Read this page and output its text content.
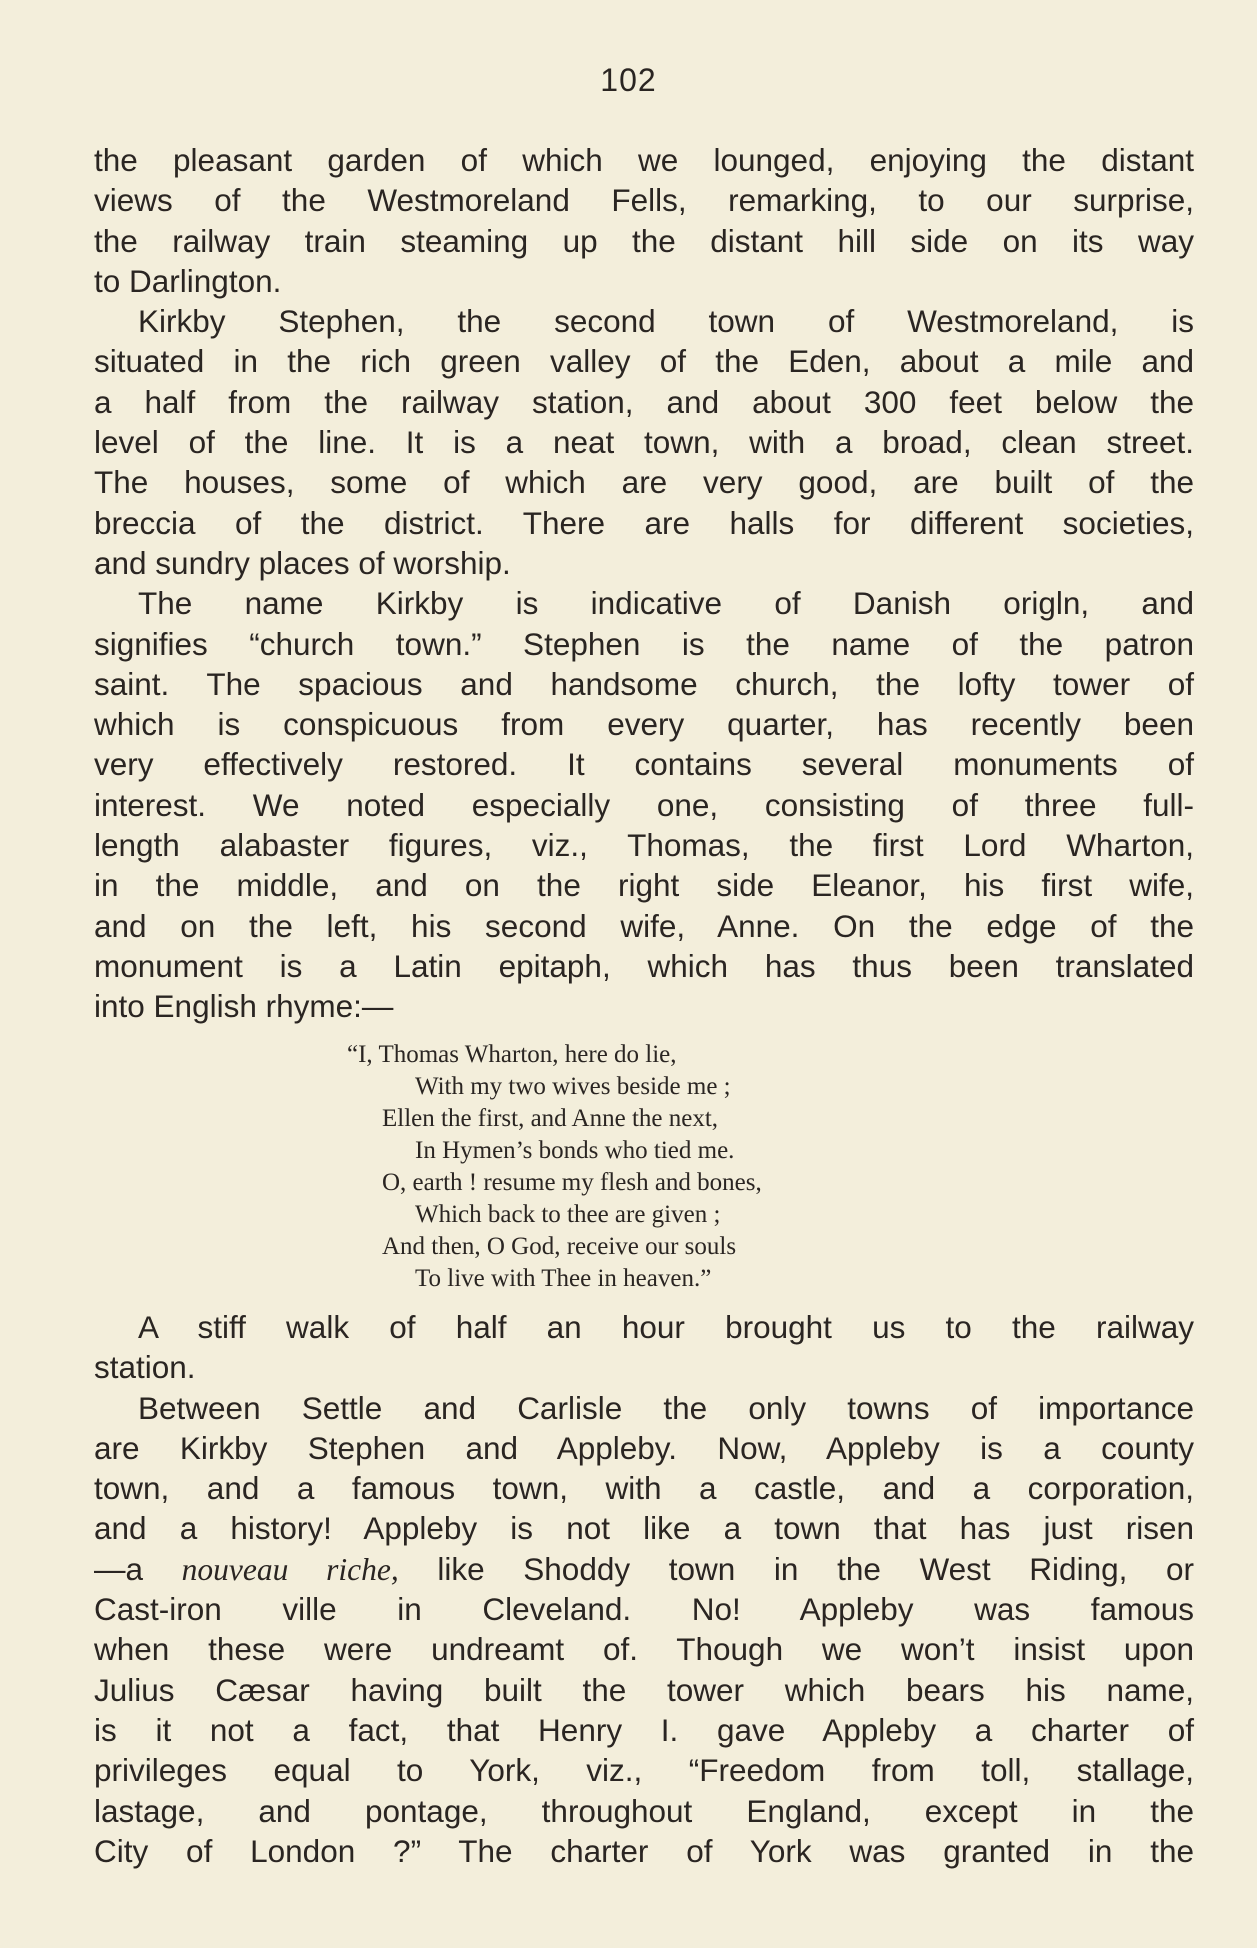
102
the pleasant garden of which we lounged, enjoying the distant
views of the Westmoreland Fells, remarking, to our surprise,
the railway train steaming up the distant hill side on its way
to Darlington.
Kirkby Stephen, the second town of Westmoreland, is
situated in the rich green valley of the Eden, about a mile and
a half from the railway station, and about 300 feet below the
level of the line. It is a neat town, with a broad, clean street.
The houses, some of which are very good, are built of the
breccia of the district. There are halls for different societies,
and sundry places of worship.
The name Kirkby is indicative of Danish origln, and
signifies “church town.” Stephen is the name of the patron
saint. The spacious and handsome church, the lofty tower of
which is conspicuous from every quarter, has recently been
very effectively restored. It contains several monuments of
interest. We noted especially one, consisting of three full-
length alabaster figures, viz., Thomas, the first Lord Wharton,
in the middle, and on the right side Eleanor, his first wife,
and on the left, his second wife, Anne. On the edge of the
monument is a Latin epitaph, which has thus been translated
into English rhyme:—
“I, Thomas Wharton, here do lie,
With my two wives beside me ;
Ellen the first, and Anne the next,
In Hymen’s bonds who tied me.
O, earth ! resume my flesh and bones,
Which back to thee are given ;
And then, O God, receive our souls
To live with Thee in heaven.”
A stiff walk of half an hour brought us to the railway
station.
Between Settle and Carlisle the only towns of importance
are Kirkby Stephen and Appleby. Now, Appleby is a county
town, and a famous town, with a castle, and a corporation,
and a history! Appleby is not like a town that has just risen
—a nouveau riche, like Shoddy town in the West Riding, or
Cast-iron ville in Cleveland. No! Appleby was famous
when these were undreamt of. Though we won’t insist upon
Julius Cæsar having built the tower which bears his name,
is it not a fact, that Henry I. gave Appleby a charter of
privileges equal to York, viz., “Freedom from toll, stallage,
lastage, and pontage, throughout England, except in the
City of London ?” The charter of York was granted in the
